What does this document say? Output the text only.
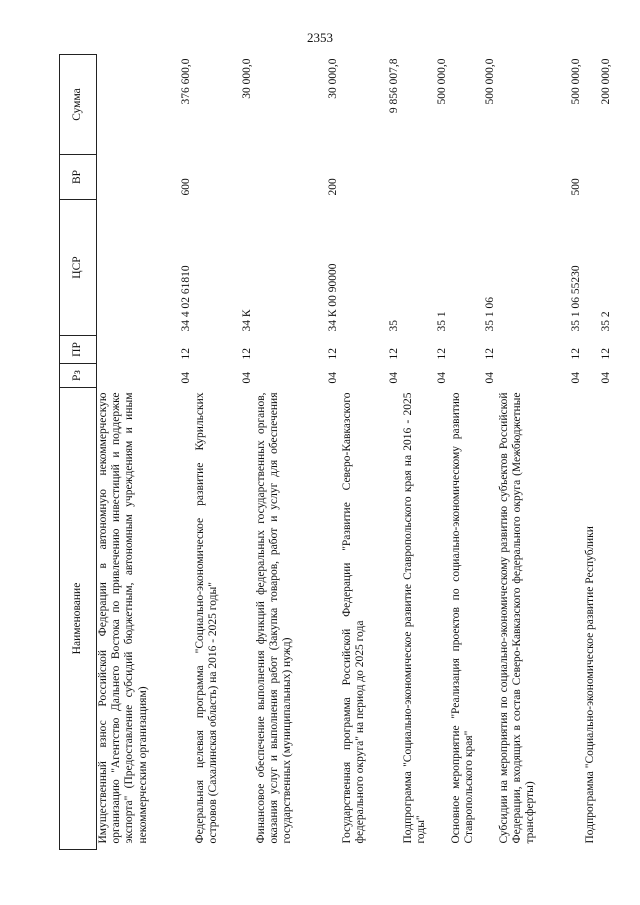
2353
Наименование	Рз	ПР	ЦСР	ВР	Сумма
Имущественный взнос Российской Федерации в автономную некоммерческую организацию "Агентство Дальнего Востока по привлечению инвестиций и поддержке экспорта" (Предоставление субсидий бюджетным, автономным учреждениям и иным некоммерческим организациям)	04	12	34 4 02 61810	600	376 600,0
Федеральная целевая программа "Социально-экономическое развитие Курильских островов (Сахалинская область) на 2016 - 2025 годы"	04	12	34 К		30 000,0
Финансовое обеспечение выполнения функций федеральных государственных органов, оказания услуг и выполнения работ (Закупка товаров, работ и услуг для обеспечения государственных (муниципальных) нужд)	04	12	34 К 00 90000	200	30 000,0
Государственная программа Российской Федерации "Развитие Северо-Кавказского федерального округа" на период до 2025 года	04	12	35		9 856 007,8
Подпрограмма "Социально-экономическое развитие Ставропольского края на 2016 - 2025 годы"	04	12	35 1		500 000,0
Основное мероприятие "Реализация проектов по социально-экономическому развитию Ставропольского края"	04	12	35 1 06		500 000,0
Субсидии на мероприятия по социально-экономическому развитию субъектов Российской Федерации, входящих в состав Северо-Кавказского федерального округа (Межбюджетные трансферты)	04	12	35 1 06 55230	500	500 000,0
Подпрограмма "Социально-экономическое развитие Республики	04	12	35 2		200 000,0
